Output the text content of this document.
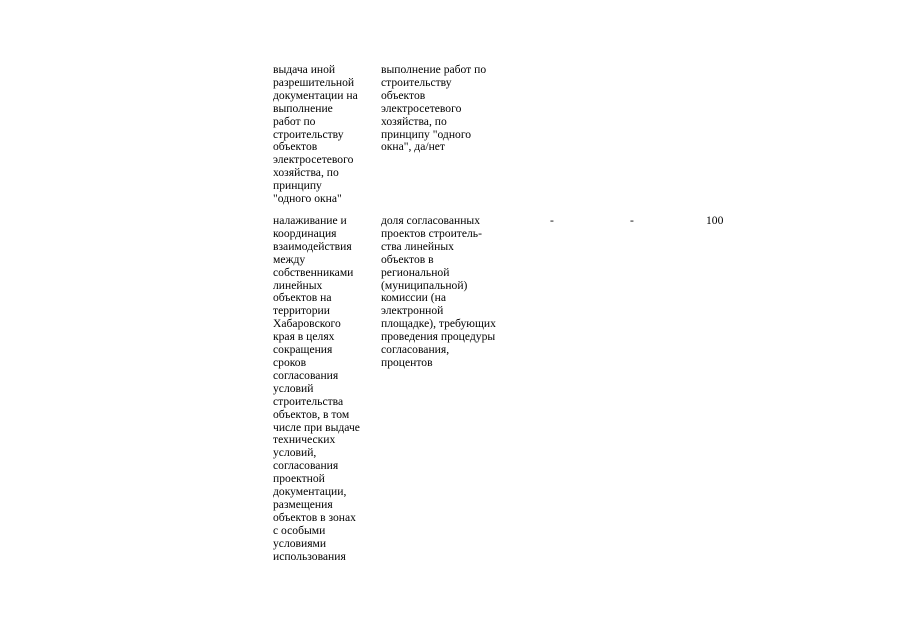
выдача иной
разрешительной
документации на
выполнение
работ по
строительству
объектов
электросетевого
хозяйства, по
принципу
"одного окна"

выполнение работ по
строительству
объектов
электросетевого
хозяйства, по
принципу "одного
окна", да/нет

налаживание и
координация
взаимодействия
между
собственниками
линейных
объектов на
территории
Хабаровского
края в целях
сокращения
сроков
согласования
условий
строительства
объектов, в том
числе при выдаче
технических
условий,
согласования
проектной
документации,
размещения
объектов в зонах
с особыми
условиями
использования

доля согласованных
проектов строитель-
ства линейных
объектов в
региональной
(муниципальной)
комиссии (на
электронной
площадке), требующих
проведения процедуры
согласования,
процентов

-	-	100
